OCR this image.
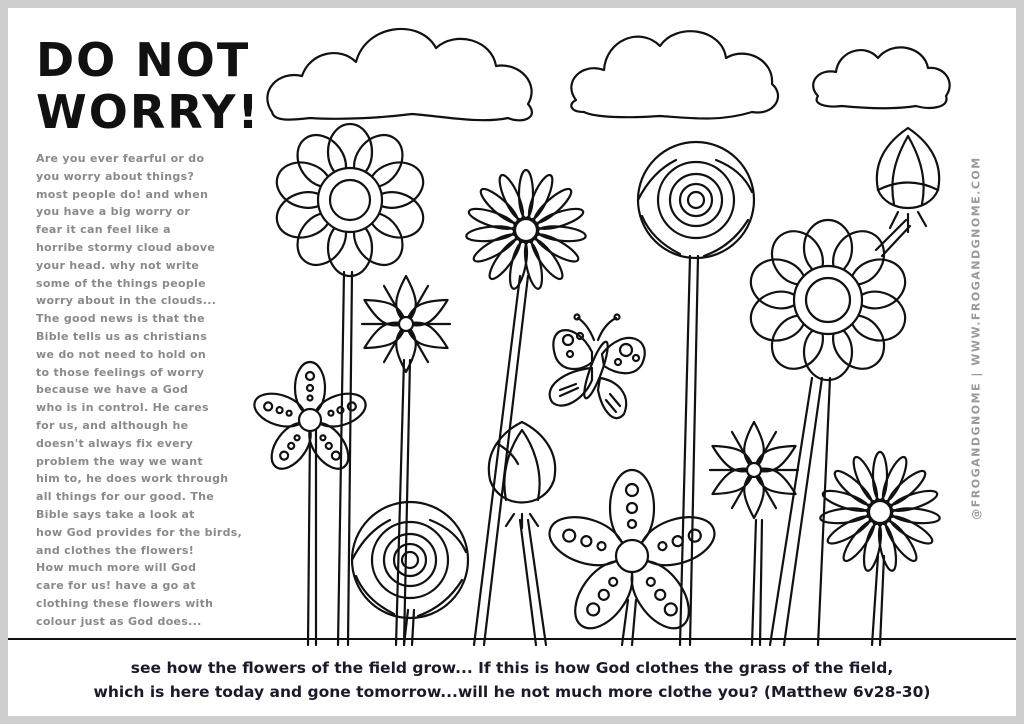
DO NOT
WORRY!
Are you ever fearful or do
you worry about things?
most people do! and when
you have a big worry or
fear it can feel like a
horribe stormy cloud above
your head. why not write
some of the things people
worry about in the clouds...
The good news is that the
Bible tells us as christians
we do not need to hold on
to those feelings of worry
because we have a God
who is in control. He cares
for us, and although he
doesn't always fix every
problem the way we want
him to, he does work through
all things for our good. The
Bible says take a look at
how God provides for the birds,
and clothes the flowers!
How much more will God
care for us! have a go at
clothing these flowers with
colour just as God does...
@FROGANDGNOME | WWW.FROGANDGNOME.COM
see how the flowers of the field grow... If this is how God clothes the grass of the field,
which is here today and gone tomorrow...will he not much more clothe you? (Matthew 6v28-30)
